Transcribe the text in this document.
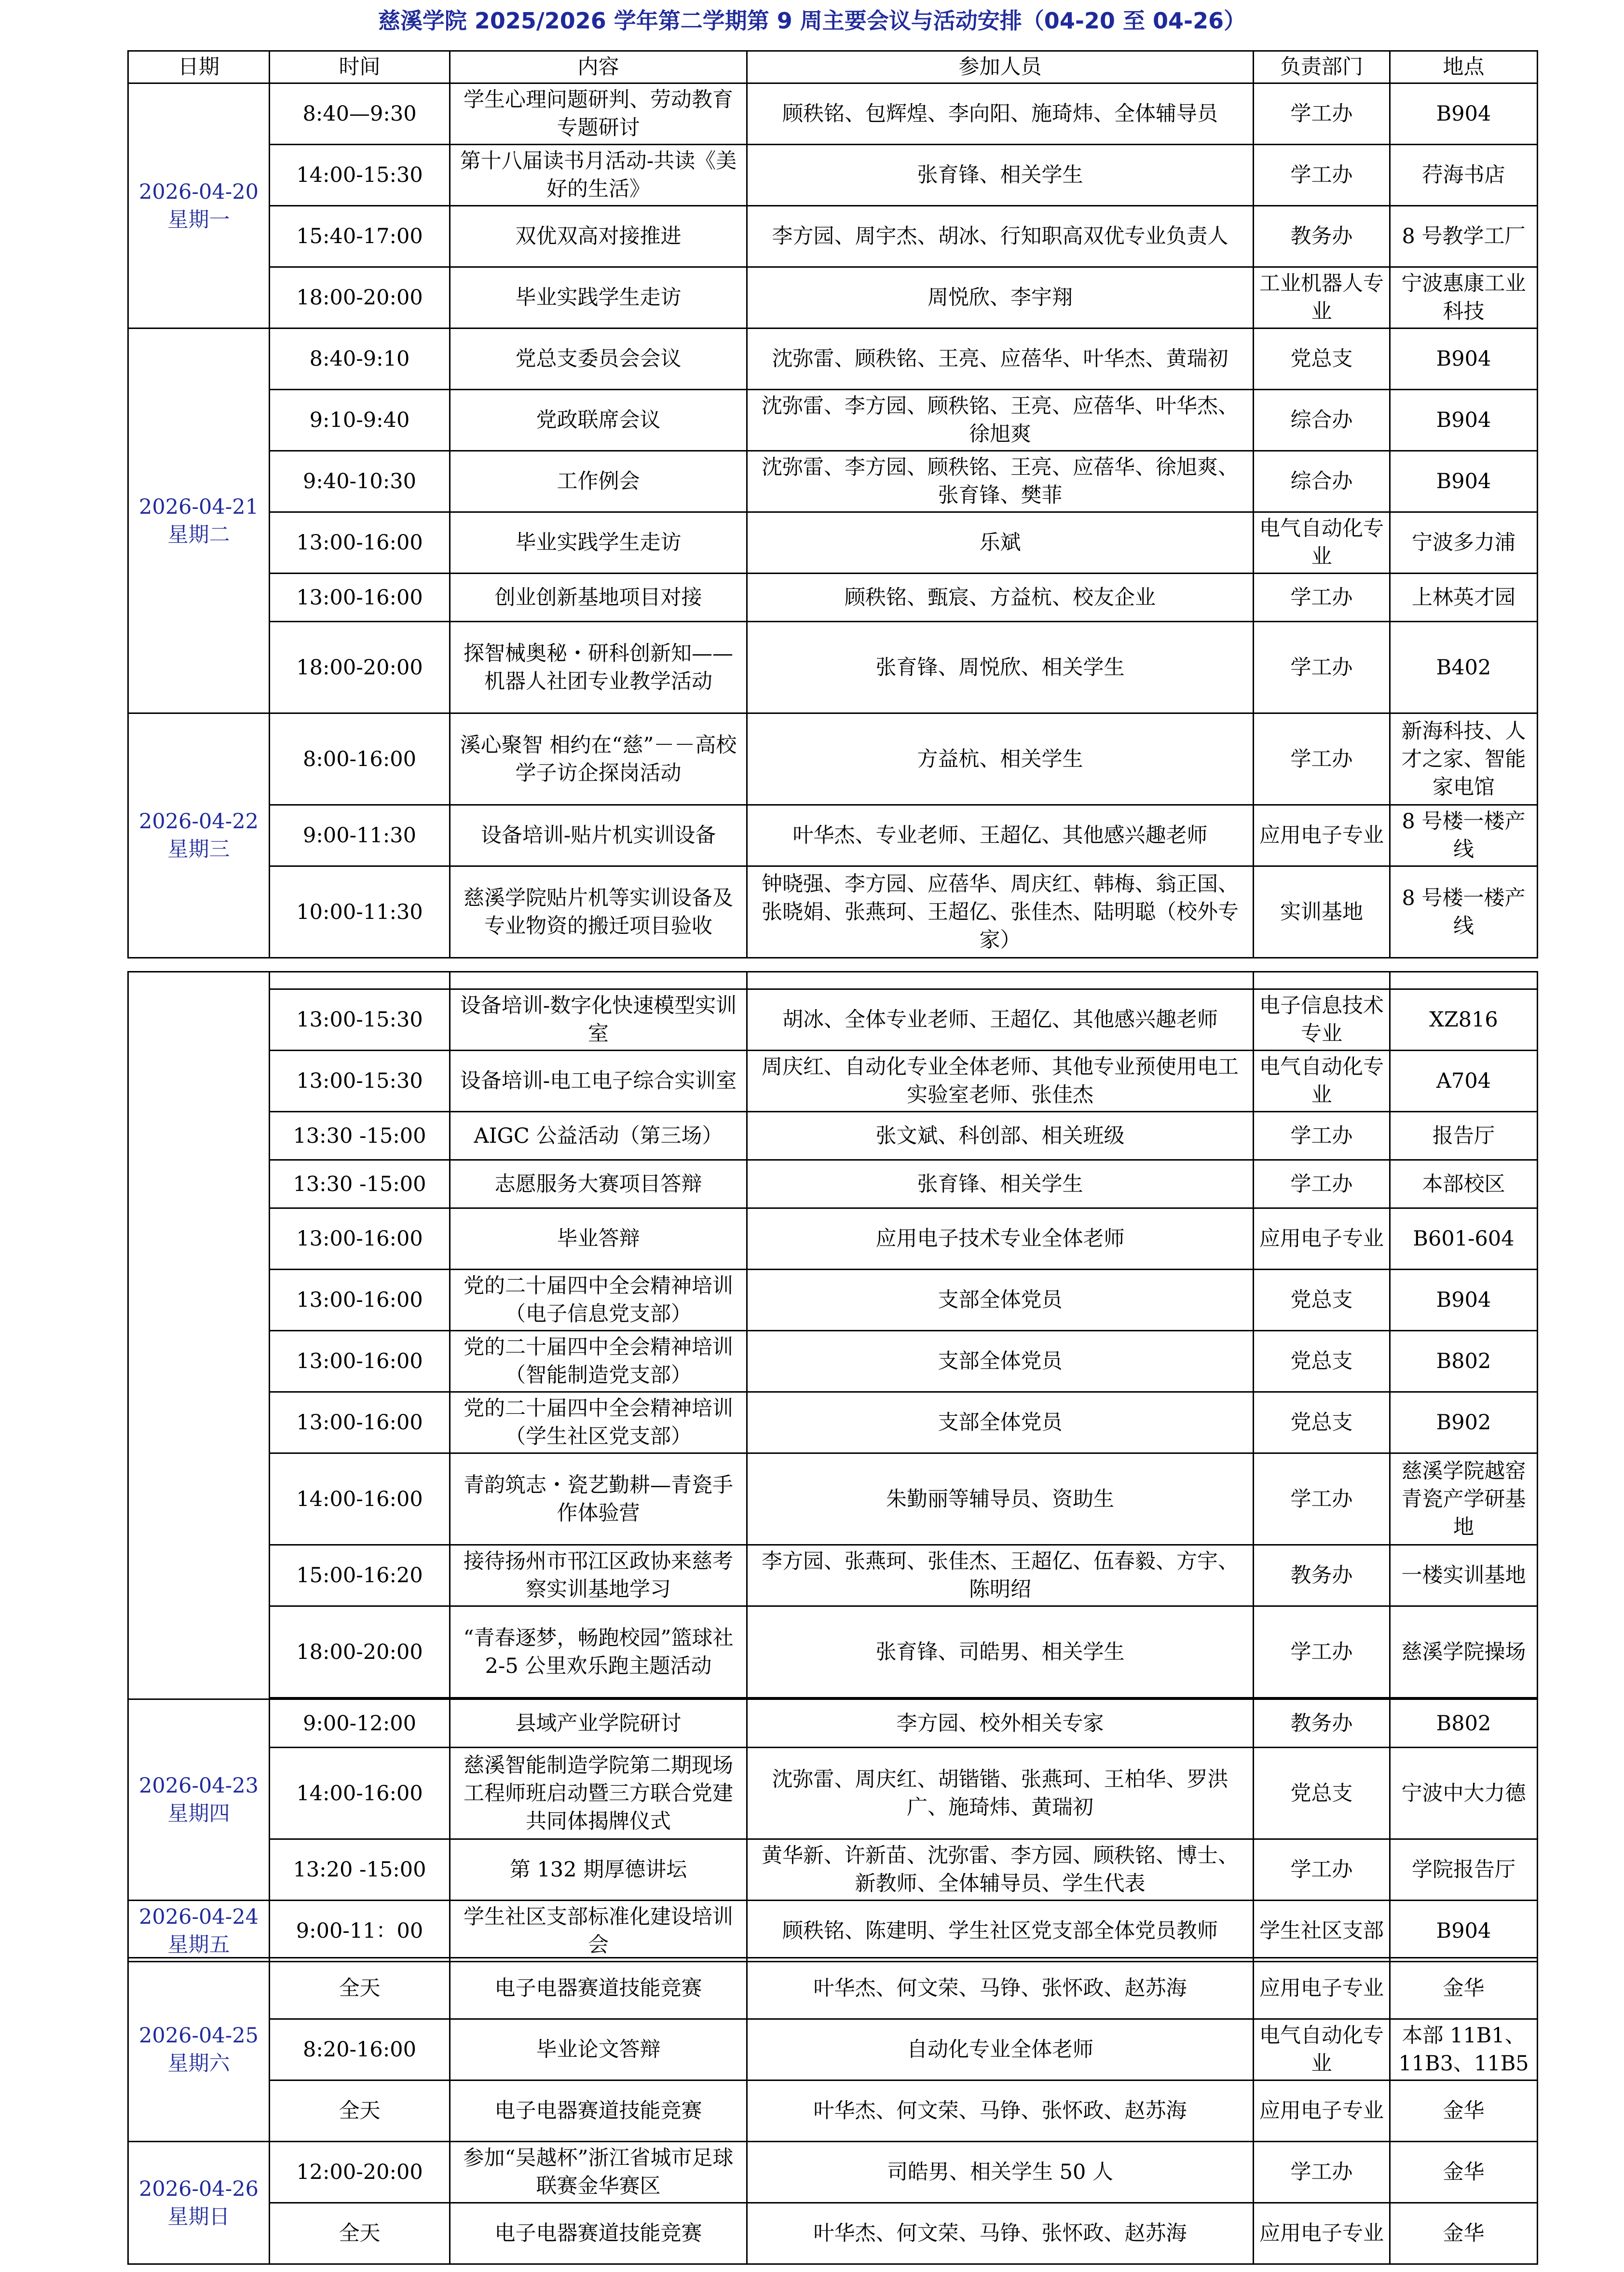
慈溪学院 2025/2026 学年第二学期第 9 周主要会议与活动安排（04-20 至 04-26）
日期	时间	内容	参加人员	负责部门	地点
2026-04-20
星期一	8:40—9:30	学生心理问题研判、劳动教育专题研讨	顾秩铭、包辉煌、李向阳、施琦炜、全体辅导员	学工办	B904
	14:00-15:30	第十八届读书月活动-共读《美好的生活》	张育锋、相关学生	学工办	荇海书店
	15:40-17:00	双优双高对接推进	李方园、周宇杰、胡冰、行知职高双优专业负责人	教务办	8 号教学工厂
	18:00-20:00	毕业实践学生走访	周悦欣、李宇翔	工业机器人专业	宁波惠康工业科技
2026-04-21
星期二	8:40-9:10	党总支委员会会议	沈弥雷、顾秩铭、王亮、应蓓华、叶华杰、黄瑞初	党总支	B904
	9:10-9:40	党政联席会议	沈弥雷、李方园、顾秩铭、王亮、应蓓华、叶华杰、徐旭爽	综合办	B904
	9:40-10:30	工作例会	沈弥雷、李方园、顾秩铭、王亮、应蓓华、徐旭爽、张育锋、樊菲	综合办	B904
	13:00-16:00	毕业实践学生走访	乐斌	电气自动化专业	宁波多力浦
	13:00-16:00	创业创新基地项目对接	顾秩铭、甄宸、方益杭、校友企业	学工办	上林英才园
	18:00-20:00	探智械奥秘・研科创新知——机器人社团专业教学活动	张育锋、周悦欣、相关学生	学工办	B402
2026-04-22
星期三	8:00-16:00	溪心聚智 相约在“慈”－－高校学子访企探岗活动	方益杭、相关学生	学工办	新海科技、人才之家、智能家电馆
	9:00-11:30	设备培训-贴片机实训设备	叶华杰、专业老师、王超亿、其他感兴趣老师	应用电子专业	8 号楼一楼产线
	10:00-11:30	慈溪学院贴片机等实训设备及专业物资的搬迁项目验收	钟晓强、李方园、应蓓华、周庆红、韩梅、翁正国、张晓娟、张燕珂、王超亿、张佳杰、陆明聪（校外专家）	实训基地	8 号楼一楼产线

	13:00-15:30	设备培训-数字化快速模型实训室	胡冰、全体专业老师、王超亿、其他感兴趣老师	电子信息技术专业	XZ816
	13:00-15:30	设备培训-电工电子综合实训室	周庆红、自动化专业全体老师、其他专业预使用电工实验室老师、张佳杰	电气自动化专业	A704
	13:30 -15:00	AIGC 公益活动（第三场）	张文斌、科创部、相关班级	学工办	报告厅
	13:30 -15:00	志愿服务大赛项目答辩	张育锋、相关学生	学工办	本部校区
	13:00-16:00	毕业答辩	应用电子技术专业全体老师	应用电子专业	B601-604
	13:00-16:00	党的二十届四中全会精神培训（电子信息党支部）	支部全体党员	党总支	B904
	13:00-16:00	党的二十届四中全会精神培训（智能制造党支部）	支部全体党员	党总支	B802
	13:00-16:00	党的二十届四中全会精神培训（学生社区党支部）	支部全体党员	党总支	B902
	14:00-16:00	青韵筑志・瓷艺勤耕—青瓷手作体验营	朱勤丽等辅导员、资助生	学工办	慈溪学院越窑青瓷产学研基地
	15:00-16:20	接待扬州市邗江区政协来慈考察实训基地学习	李方园、张燕珂、张佳杰、王超亿、伍春毅、方宇、陈明绍	教务办	一楼实训基地
	18:00-20:00	“青春逐梦，畅跑校园”篮球社 2-5 公里欢乐跑主题活动	张育锋、司皓男、相关学生	学工办	慈溪学院操场

2026-04-23
星期四	9:00-12:00	县域产业学院研讨	李方园、校外相关专家	教务办	B802
	14:00-16:00	慈溪智能制造学院第二期现场工程师班启动暨三方联合党建共同体揭牌仪式	沈弥雷、周庆红、胡锴锴、张燕珂、王柏华、罗洪广、施琦炜、黄瑞初	党总支	宁波中大力德
	13:20 -15:00	第 132 期厚德讲坛	黄华新、许新苗、沈弥雷、李方园、顾秩铭、博士、新教师、全体辅导员、学生代表	学工办	学院报告厅
2026-04-24
星期五	9:00-11：00	学生社区支部标准化建设培训会	顾秩铭、陈建明、学生社区党支部全体党员教师	学生社区支部	B904
2026-04-25
星期六	全天	电子电器赛道技能竞赛	叶华杰、何文荣、马铮、张怀政、赵苏海	应用电子专业	金华
	8:20-16:00	毕业论文答辩	自动化专业全体老师	电气自动化专业	本部 11B1、11B3、11B5
	全天	电子电器赛道技能竞赛	叶华杰、何文荣、马铮、张怀政、赵苏海	应用电子专业	金华
2026-04-26
星期日	12:00-20:00	参加“吴越杯”浙江省城市足球联赛金华赛区	司皓男、相关学生 50 人	学工办	金华
	全天	电子电器赛道技能竞赛	叶华杰、何文荣、马铮、张怀政、赵苏海	应用电子专业	金华
